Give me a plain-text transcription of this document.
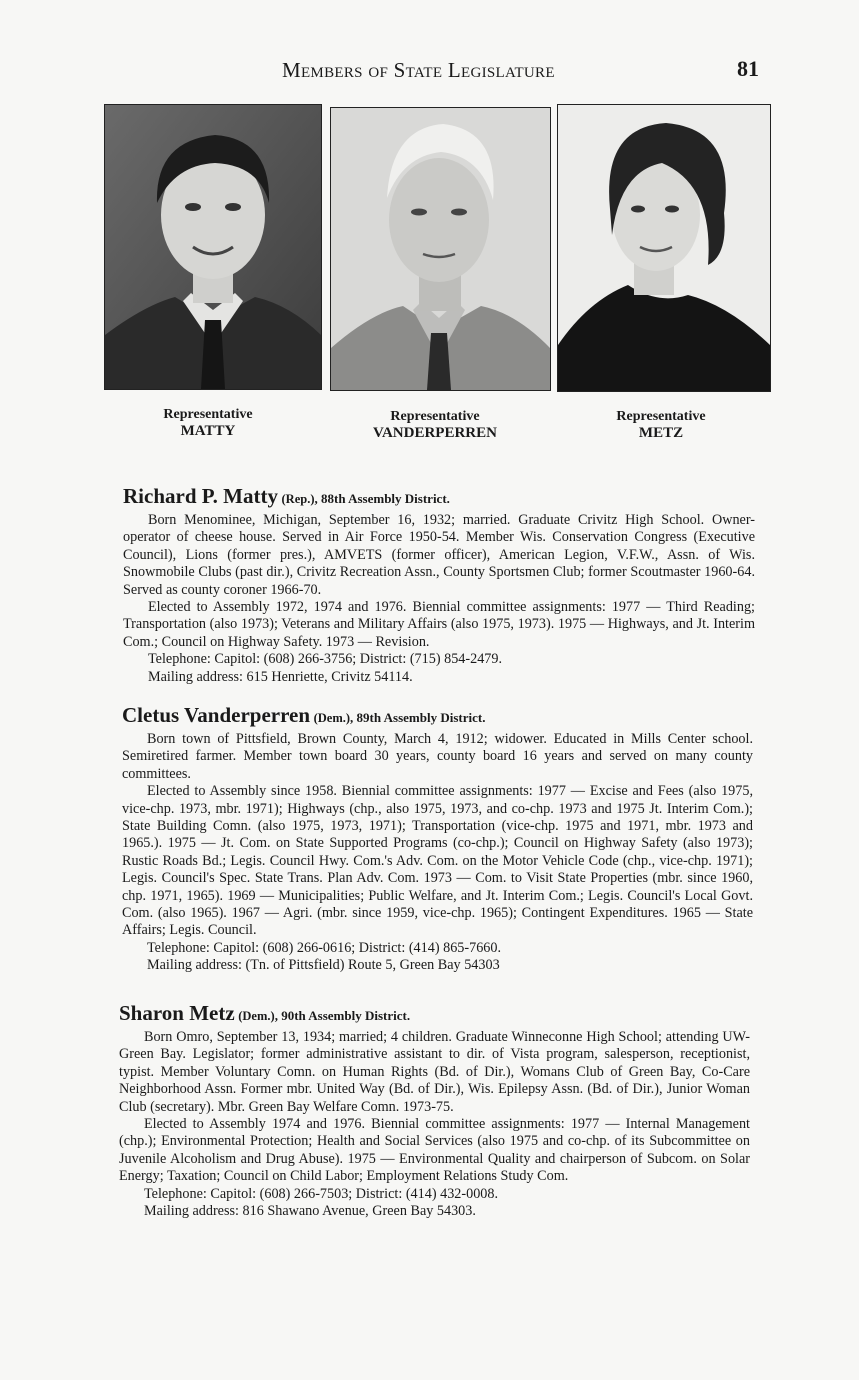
Members of State Legislature	81
Representative
MATTY
Representative
VANDERPERREN
Representative
METZ

Richard P. Matty (Rep.), 88th Assembly District.

Born Menominee, Michigan, September 16, 1932; married. Graduate Crivitz High School. Owner-operator of cheese house. Served in Air Force 1950-54. Member Wis. Conservation Congress (Executive Council), Lions (former pres.), AMVETS (former officer), American Legion, V.F.W., Assn. of Wis. Snowmobile Clubs (past dir.), Crivitz Recreation Assn., County Sportsmen Club; former Scoutmaster 1960-64. Served as county coroner 1966-70.

Elected to Assembly 1972, 1974 and 1976. Biennial committee assignments: 1977 — Third Reading; Transportation (also 1973); Veterans and Military Affairs (also 1975, 1973). 1975 — Highways, and Jt. Interim Com.; Council on Highway Safety. 1973 — Revision.

Telephone: Capitol: (608) 266-3756; District: (715) 854-2479.

Mailing address: 615 Henriette, Crivitz 54114.

Cletus Vanderperren (Dem.), 89th Assembly District.

Born town of Pittsfield, Brown County, March 4, 1912; widower. Educated in Mills Center school. Semiretired farmer. Member town board 30 years, county board 16 years and served on many county committees.

Elected to Assembly since 1958. Biennial committee assignments: 1977 — Excise and Fees (also 1975, vice-chp. 1973, mbr. 1971); Highways (chp., also 1975, 1973, and co-chp. 1973 and 1975 Jt. Interim Com.); State Building Comn. (also 1975, 1973, 1971); Transportation (vice-chp. 1975 and 1971, mbr. 1973 and 1965.). 1975 — Jt. Com. on State Supported Programs (co-chp.); Council on Highway Safety (also 1973); Rustic Roads Bd.; Legis. Council Hwy. Com.'s Adv. Com. on the Motor Vehicle Code (chp., vice-chp. 1971); Legis. Council's Spec. State Trans. Plan Adv. Com. 1973 — Com. to Visit State Properties (mbr. since 1960, chp. 1971, 1965). 1969 — Municipalities; Public Welfare, and Jt. Interim Com.; Legis. Council's Local Govt. Com. (also 1965). 1967 — Agri. (mbr. since 1959, vice-chp. 1965); Contingent Expenditures. 1965 — State Affairs; Legis. Council.

Telephone: Capitol: (608) 266-0616; District: (414) 865-7660.

Mailing address: (Tn. of Pittsfield) Route 5, Green Bay 54303

Sharon Metz (Dem.), 90th Assembly District.

Born Omro, September 13, 1934; married; 4 children. Graduate Winneconne High School; attending UW-Green Bay. Legislator; former administrative assistant to dir. of Vista program, salesperson, receptionist, typist. Member Voluntary Comn. on Human Rights (Bd. of Dir.), Womans Club of Green Bay, Co-Care Neighborhood Assn. Former mbr. United Way (Bd. of Dir.), Wis. Epilepsy Assn. (Bd. of Dir.), Junior Woman Club (secretary). Mbr. Green Bay Welfare Comn. 1973-75.

Elected to Assembly 1974 and 1976. Biennial committee assignments: 1977 — Internal Management (chp.); Environmental Protection; Health and Social Services (also 1975 and co-chp. of its Subcommittee on Juvenile Alcoholism and Drug Abuse). 1975 — Environmental Quality and chairperson of Subcom. on Solar Energy; Taxation; Council on Child Labor; Employment Relations Study Com.

Telephone: Capitol: (608) 266-7503; District: (414) 432-0008.

Mailing address: 816 Shawano Avenue, Green Bay 54303.
